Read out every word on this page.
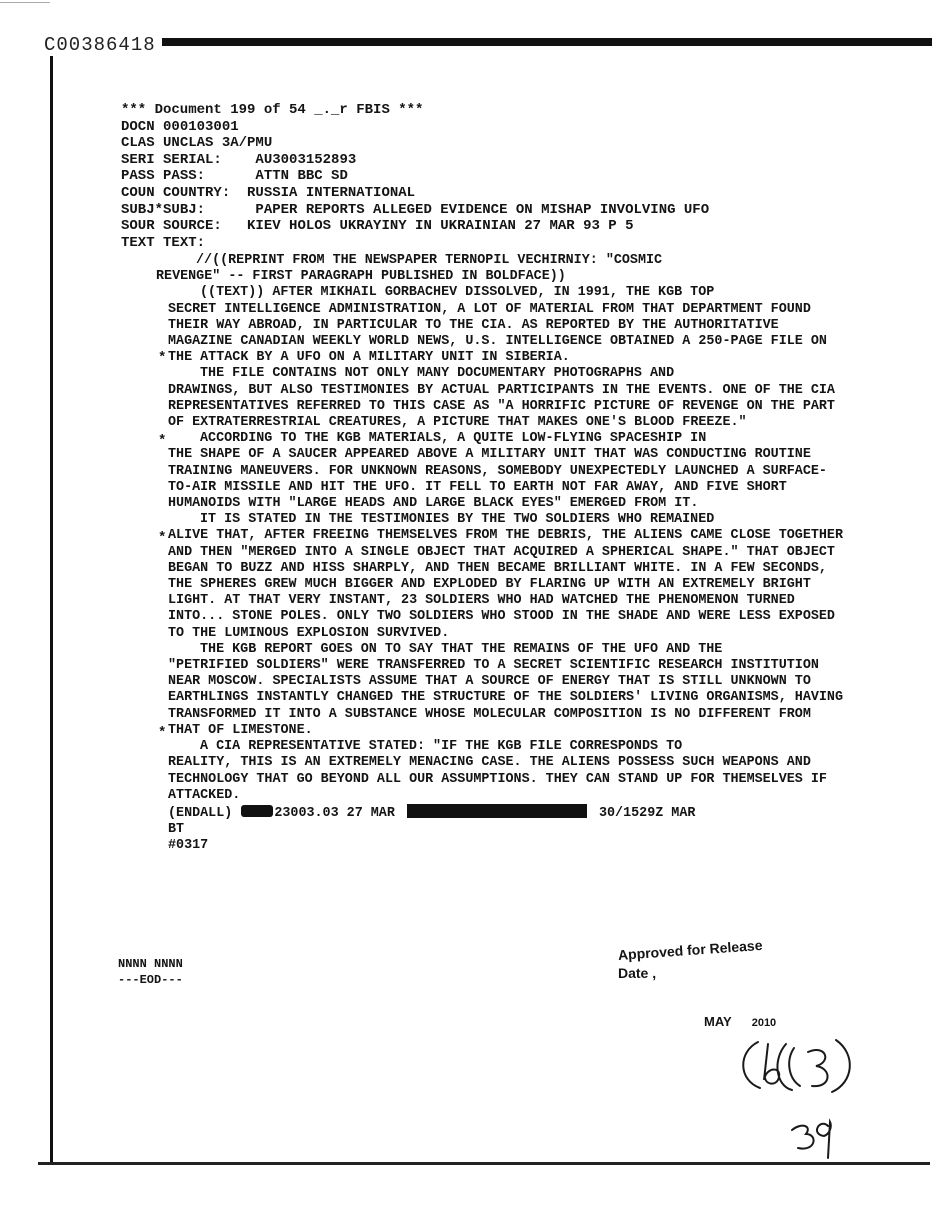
C00386418
*** Document 199 of 54 _._r FBIS ***
DOCN 000103001
CLAS UNCLAS 3A/PMU
SERI SERIAL:    AU3003152893
PASS PASS:      ATTN BBC SD
COUN COUNTRY:  RUSSIA INTERNATIONAL
SUBJ*SUBJ:      PAPER REPORTS ALLEGED EVIDENCE ON MISHAP INVOLVING UFO
SOUR SOURCE:   KIEV HOLOS UKRAYINY IN UKRAINIAN 27 MAR 93 P 5
TEXT TEXT:
*
*
*
*
//((REPRINT FROM THE NEWSPAPER TERNOPIL VECHIRNIY: "COSMIC
REVENGE" -- FIRST PARAGRAPH PUBLISHED IN BOLDFACE))
((TEXT)) AFTER MIKHAIL GORBACHEV DISSOLVED, IN 1991, THE KGB TOP
SECRET INTELLIGENCE ADMINISTRATION, A LOT OF MATERIAL FROM THAT DEPARTMENT FOUND THEIR WAY ABROAD, IN PARTICULAR TO THE CIA. AS REPORTED BY THE AUTHORITATIVE MAGAZINE CANADIAN WEEKLY WORLD NEWS, U.S. INTELLIGENCE OBTAINED A 250-PAGE FILE ON THE ATTACK BY A UFO ON A MILITARY UNIT IN SIBERIA.
THE FILE CONTAINS NOT ONLY MANY DOCUMENTARY PHOTOGRAPHS AND
DRAWINGS, BUT ALSO TESTIMONIES BY ACTUAL PARTICIPANTS IN THE EVENTS. ONE OF THE CIA REPRESENTATIVES REFERRED TO THIS CASE AS "A HORRIFIC PICTURE OF REVENGE ON THE PART OF EXTRATERRESTRIAL CREATURES, A PICTURE THAT MAKES ONE'S BLOOD FREEZE."
ACCORDING TO THE KGB MATERIALS, A QUITE LOW-FLYING SPACESHIP IN
THE SHAPE OF A SAUCER APPEARED ABOVE A MILITARY UNIT THAT WAS CONDUCTING ROUTINE TRAINING MANEUVERS. FOR UNKNOWN REASONS, SOMEBODY UNEXPECTEDLY LAUNCHED A SURFACE-TO-AIR MISSILE AND HIT THE UFO. IT FELL TO EARTH NOT FAR AWAY, AND FIVE SHORT HUMANOIDS WITH "LARGE HEADS AND LARGE BLACK EYES" EMERGED FROM IT.
IT IS STATED IN THE TESTIMONIES BY THE TWO SOLDIERS WHO REMAINED
ALIVE THAT, AFTER FREEING THEMSELVES FROM THE DEBRIS, THE ALIENS CAME CLOSE TOGETHER AND THEN "MERGED INTO A SINGLE OBJECT THAT ACQUIRED A SPHERICAL SHAPE." THAT OBJECT BEGAN TO BUZZ AND HISS SHARPLY, AND THEN BECAME BRILLIANT WHITE. IN A FEW SECONDS, THE SPHERES GREW MUCH BIGGER AND EXPLODED BY FLARING UP WITH AN EXTREMELY BRIGHT LIGHT. AT THAT VERY INSTANT, 23 SOLDIERS WHO HAD WATCHED THE PHENOMENON TURNED INTO... STONE POLES. ONLY TWO SOLDIERS WHO STOOD IN THE SHADE AND WERE LESS EXPOSED TO THE LUMINOUS EXPLOSION SURVIVED.
THE KGB REPORT GOES ON TO SAY THAT THE REMAINS OF THE UFO AND THE
"PETRIFIED SOLDIERS" WERE TRANSFERRED TO A SECRET SCIENTIFIC RESEARCH INSTITUTION NEAR MOSCOW. SPECIALISTS ASSUME THAT A SOURCE OF ENERGY THAT IS STILL UNKNOWN TO EARTHLINGS INSTANTLY CHANGED THE STRUCTURE OF THE SOLDIERS' LIVING ORGANISMS, HAVING TRANSFORMED IT INTO A SUBSTANCE WHOSE MOLECULAR COMPOSITION IS NO DIFFERENT FROM THAT OF LIMESTONE.
A CIA REPRESENTATIVE STATED: "IF THE KGB FILE CORRESPONDS TO
REALITY, THIS IS AN EXTREMELY MENACING CASE. THE ALIENS POSSESS SUCH WEAPONS AND TECHNOLOGY THAT GO BEYOND ALL OUR ASSUMPTIONS. THEY CAN STAND UP FOR THEMSELVES IF ATTACKED.
(ENDALL)	23003.03 27 MAR	30/1529Z MAR
BT
#0317
NNNN NNNN
---EOD---
Approved for Release
Date ,
MAY 2010
